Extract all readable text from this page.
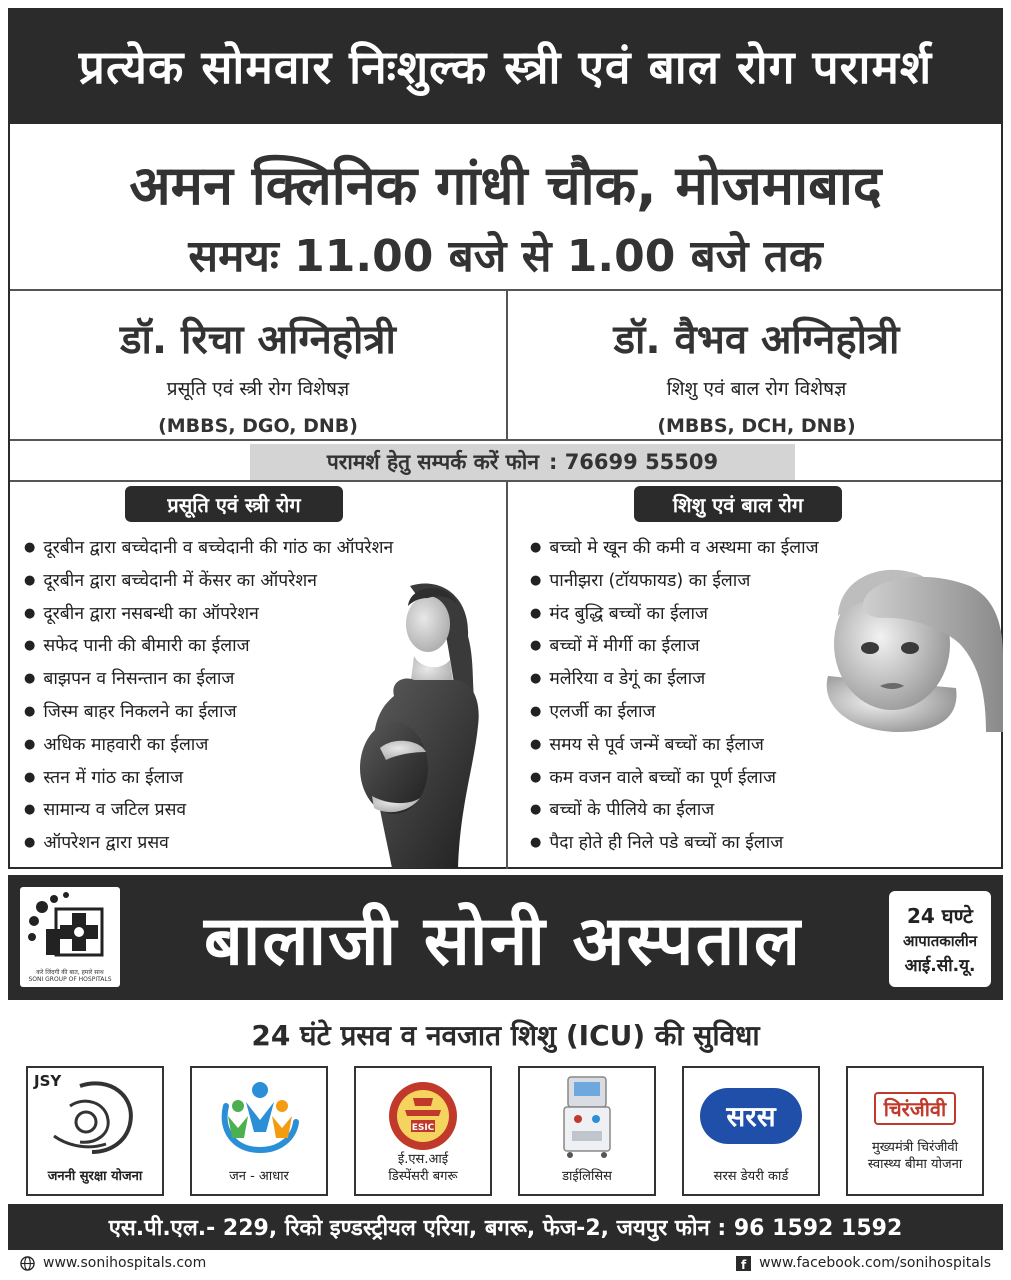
प्रत्येक सोमवार निःशुल्क स्त्री एवं बाल रोग परामर्श
अमन क्लिनिक गांधी चौक, मोजमाबाद
समयः 11.00 बजे से 1.00 बजे तक
डॉ. रिचा अग्निहोत्री
प्रसूति एवं स्त्री रोग विशेषज्ञ
(MBBS, DGO, DNB)
डॉ. वैभव अग्निहोत्री
शिशु एवं बाल रोग विशेषज्ञ
(MBBS, DCH, DNB)
परामर्श हेतु सम्पर्क करें फोन : 76699 55509
प्रसूति एवं स्त्री रोग
● दूरबीन द्वारा बच्चेदानी व बच्चेदानी की गांठ का ऑपरेशन
● दूरबीन द्वारा बच्चेदानी में केंसर का ऑपरेशन
● दूरबीन द्वारा नसबन्धी का ऑपरेशन
● सफेद पानी की बीमारी का ईलाज
● बाझपन व निसन्तान का ईलाज
● जिस्म बाहर निकलने का ईलाज
● अधिक माहवारी का ईलाज
● स्तन में गांठ का ईलाज
● सामान्य व जटिल प्रसव
● ऑपरेशन द्वारा प्रसव
शिशु एवं बाल रोग
● बच्चो मे खून की कमी व अस्थमा का ईलाज
● पानीझरा (टॉयफायड) का ईलाज
● मंद बुद्धि बच्चों का ईलाज
● बच्चों में मीर्गी का ईलाज
● मलेरिया व डेगूं का ईलाज
● एलर्जी का ईलाज
● समय से पूर्व जन्में बच्चों का ईलाज
● कम वजन वाले बच्चों का पूर्ण ईलाज
● बच्चों के पीलिये का ईलाज
● पैदा होते ही निले पडे बच्चों का ईलाज
करे जिंदगी की बात, हमारे साथ
SONI GROUP OF HOSPITALS	बालाजी सोनी अस्पताल	24 घण्टे
आपातकालीन
आई.सी.यू.
24 घंटे प्रसव व नवजात शिशु (ICU) की सुविधा
JSY
जननी सुरक्षा योजना	जन - आधार
ESIC
ई.एस.आई
डिस्पेंसरी बगरू	डाईलिसिस
सरस
सरस डेयरी कार्ड
चिरंजीवी
मुख्यमंत्री चिरंजीवी
स्वास्थ्य बीमा योजना
एस.पी.एल.- 229, रिको इण्डस्ट्रीयल एरिया, बगरू, फेज-2, जयपुर फोन : 96 1592 1592
www.sonihospitals.com	f www.facebook.com/sonihospitals
